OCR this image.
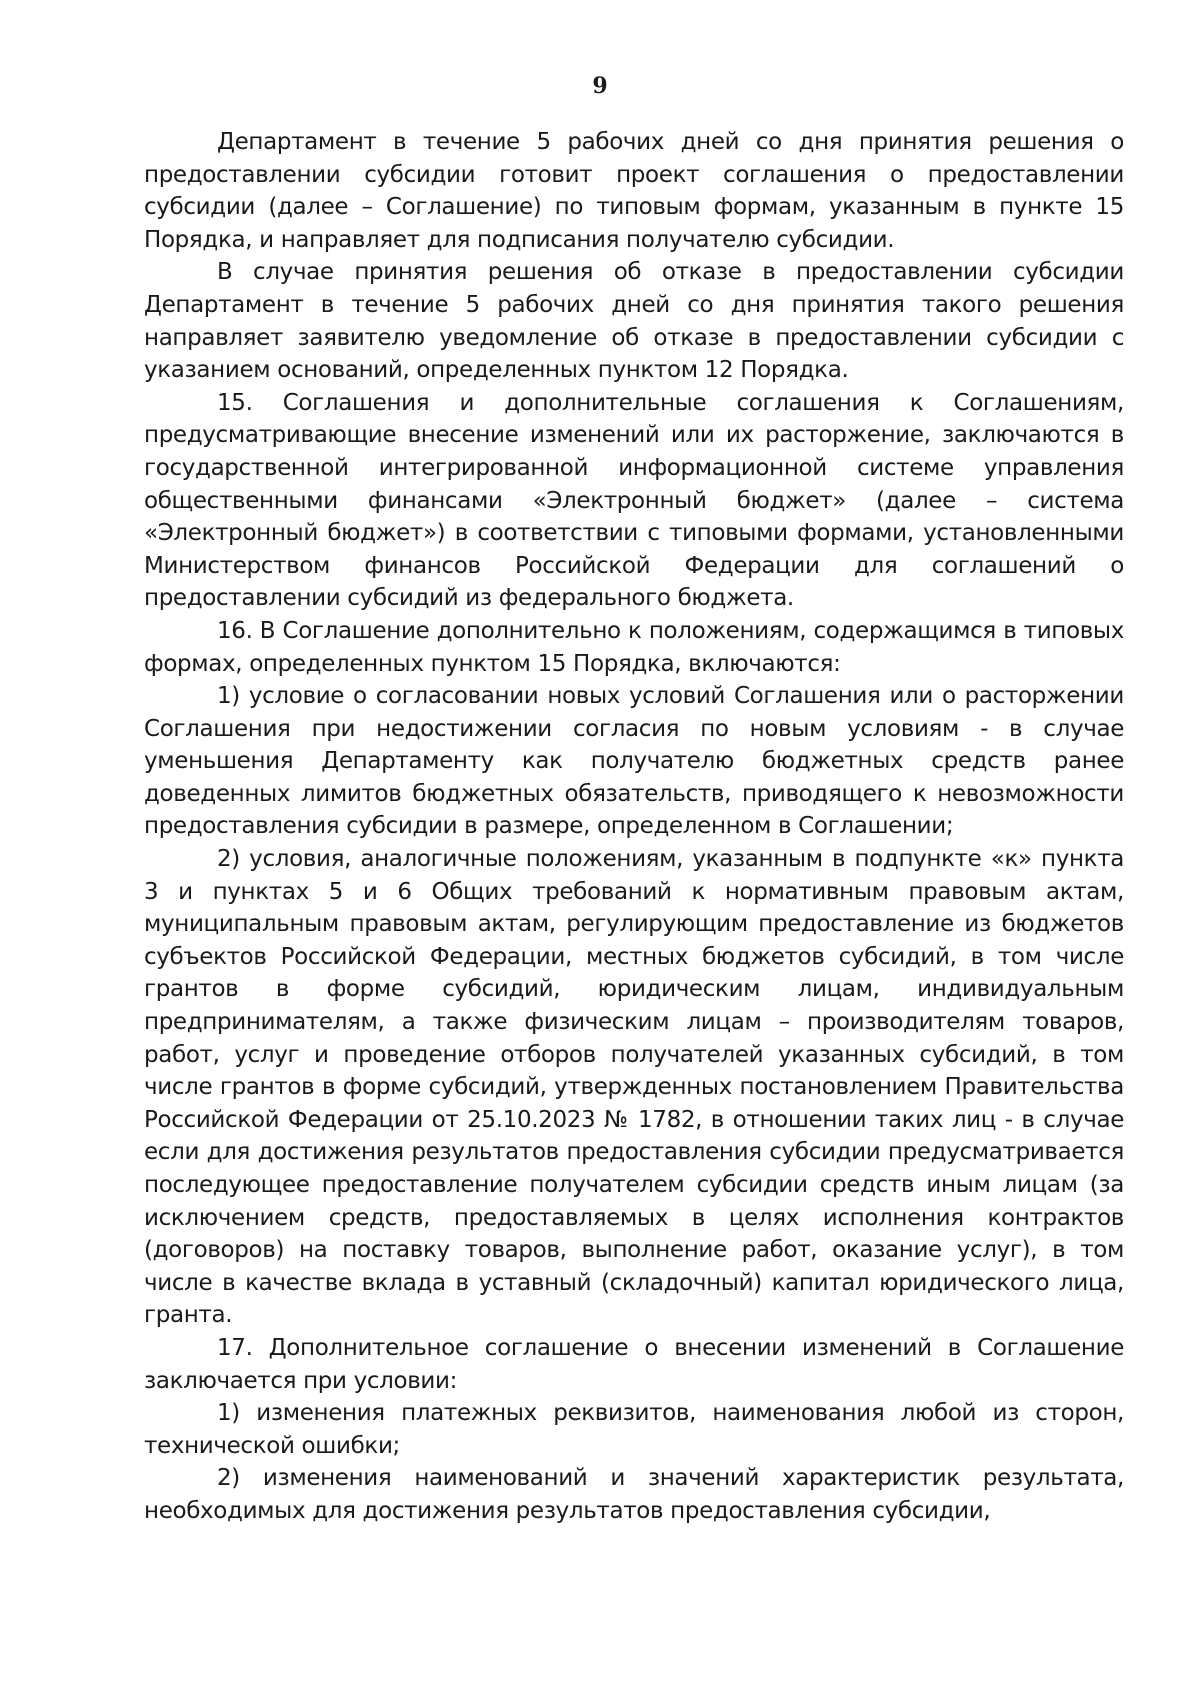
9

Департамент в течение 5 рабочих дней со дня принятия решения о предоставлении субсидии готовит проект соглашения о предоставлении субсидии (далее – Соглашение) по типовым формам, указанным в пункте 15 Порядка, и направляет для подписания получателю субсидии.

В случае принятия решения об отказе в предоставлении субсидии Департамент в течение 5 рабочих дней со дня принятия такого решения направляет заявителю уведомление об отказе в предоставлении субсидии с указанием оснований, определенных пунктом 12 Порядка.

15. Соглашения и дополнительные соглашения к Соглашениям, предусматривающие внесение изменений или их расторжение, заключаются в государственной интегрированной информационной системе управления общественными финансами «Электронный бюджет» (далее – система «Электронный бюджет») в соответствии с типовыми формами, установленными Министерством финансов Российской Федерации для соглашений о предоставлении субсидий из федерального бюджета.

16. В Соглашение дополнительно к положениям, содержащимся в типовых формах, определенных пунктом 15 Порядка, включаются:

1) условие о согласовании новых условий Соглашения или о расторжении Соглашения при недостижении согласия по новым условиям - в случае уменьшения Департаменту как получателю бюджетных средств ранее доведенных лимитов бюджетных обязательств, приводящего к невозможности предоставления субсидии в размере, определенном в Соглашении;

2) условия, аналогичные положениям, указанным в подпункте «к» пункта 3 и пунктах 5 и 6 Общих требований к нормативным правовым актам, муниципальным правовым актам, регулирующим предоставление из бюджетов субъектов Российской Федерации, местных бюджетов субсидий, в том числе грантов в форме субсидий, юридическим лицам, индивидуальным предпринимателям, а также физическим лицам – производителям товаров, работ, услуг и проведение отборов получателей указанных субсидий, в том числе грантов в форме субсидий, утвержденных постановлением Правительства Российской Федерации от 25.10.2023 № 1782, в отношении таких лиц - в случае если для достижения результатов предоставления субсидии предусматривается последующее предоставление получателем субсидии средств иным лицам (за исключением средств, предоставляемых в целях исполнения контрактов (договоров) на поставку товаров, выполнение работ, оказание услуг), в том числе в качестве вклада в уставный (складочный) капитал юридического лица, гранта.

17. Дополнительное соглашение о внесении изменений в Соглашение заключается при условии:

1) изменения платежных реквизитов, наименования любой из сторон, технической ошибки;

2) изменения наименований и значений характеристик результата, необходимых для достижения результатов предоставления субсидии,
